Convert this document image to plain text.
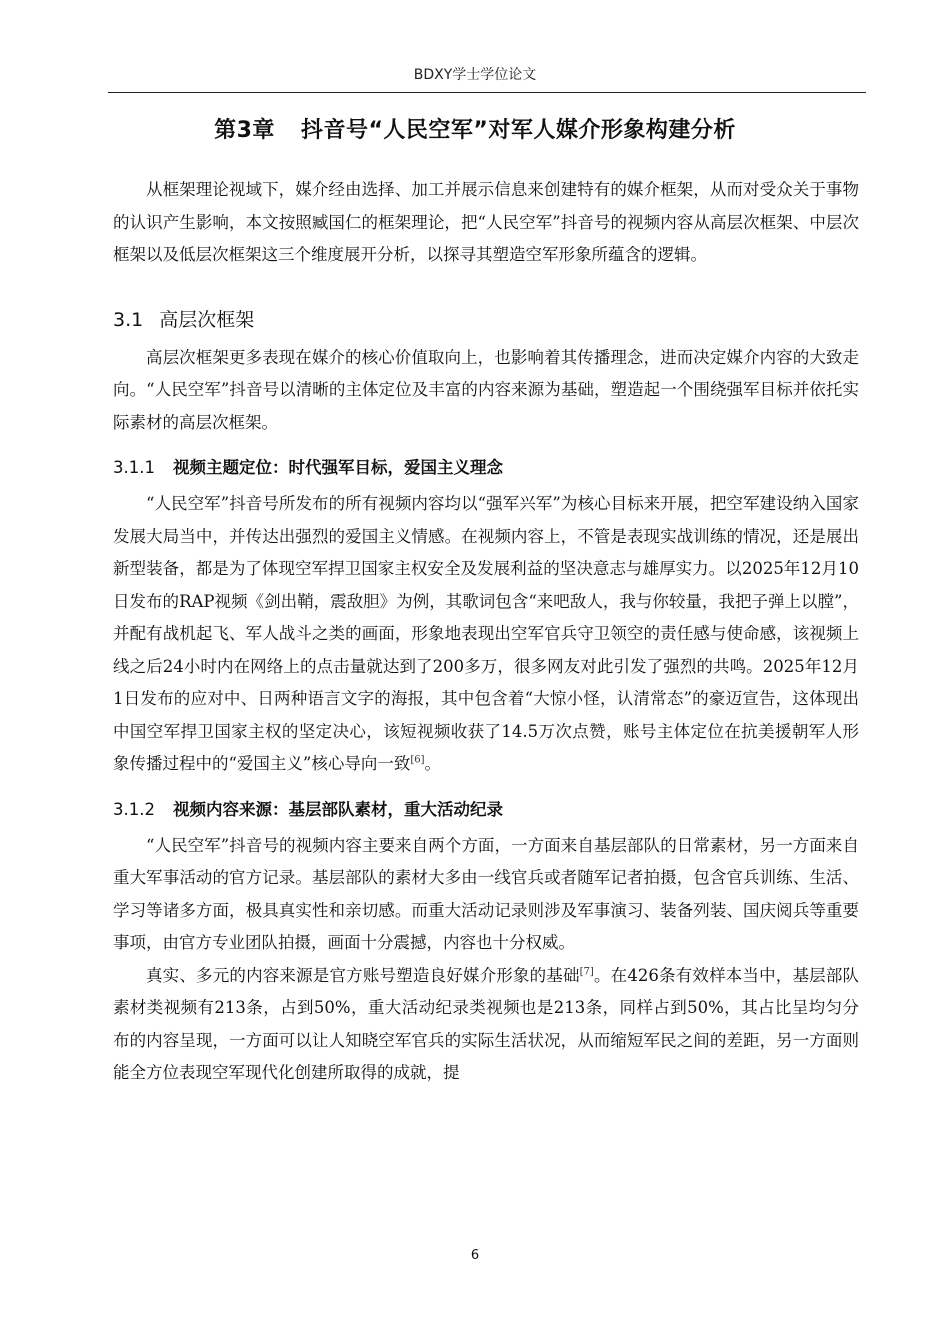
BDXY学士学位论文
第3章 抖音号“人民空军”对军人媒介形象构建分析

从框架理论视域下，媒介经由选择、加工并展示信息来创建特有的媒介框架，从而对受众关于事物的认识产生影响，本文按照臧国仁的框架理论，把“人民空军”抖音号的视频内容从高层次框架、中层次框架以及低层次框架这三个维度展开分析，以探寻其塑造空军形象所蕴含的逻辑。

3.1 高层次框架

高层次框架更多表现在媒介的核心价值取向上，也影响着其传播理念，进而决定媒介内容的大致走向。“人民空军”抖音号以清晰的主体定位及丰富的内容来源为基础，塑造起一个围绕强军目标并依托实际素材的高层次框架。

3.1.1 视频主题定位：时代强军目标，爱国主义理念

“人民空军”抖音号所发布的所有视频内容均以“强军兴军”为核心目标来开展，把空军建设纳入国家发展大局当中，并传达出强烈的爱国主义情感。在视频内容上，不管是表现实战训练的情况，还是展出新型装备，都是为了体现空军捍卫国家主权安全及发展利益的坚决意志与雄厚实力。以2025年12月10日发布的RAP视频《剑出鞘，震敌胆》为例，其歌词包含“来吧敌人，我与你较量，我把子弹上以膛”，并配有战机起飞、军人战斗之类的画面，形象地表现出空军官兵守卫领空的责任感与使命感，该视频上线之后24小时内在网络上的点击量就达到了200多万，很多网友对此引发了强烈的共鸣。2025年12月1日发布的应对中、日两种语言文字的海报，其中包含着“大惊小怪，认清常态”的豪迈宣告，这体现出中国空军捍卫国家主权的坚定决心，该短视频收获了14.5万次点赞，账号主体定位在抗美援朝军人形象传播过程中的“爱国主义”核心导向一致[6]。

3.1.2 视频内容来源：基层部队素材，重大活动纪录

“人民空军”抖音号的视频内容主要来自两个方面，一方面来自基层部队的日常素材，另一方面来自重大军事活动的官方记录。基层部队的素材大多由一线官兵或者随军记者拍摄，包含官兵训练、生活、学习等诸多方面，极具真实性和亲切感。而重大活动记录则涉及军事演习、装备列装、国庆阅兵等重要事项，由官方专业团队拍摄，画面十分震撼，内容也十分权威。

真实、多元的内容来源是官方账号塑造良好媒介形象的基础[7]。在426条有效样本当中，基层部队素材类视频有213条，占到50%，重大活动纪录类视频也是213条，同样占到50%，其占比呈均匀分布的内容呈现，一方面可以让人知晓空军官兵的实际生活状况，从而缩短军民之间的差距，另一方面则能全方位表现空军现代化创建所取得的成就，提

6
